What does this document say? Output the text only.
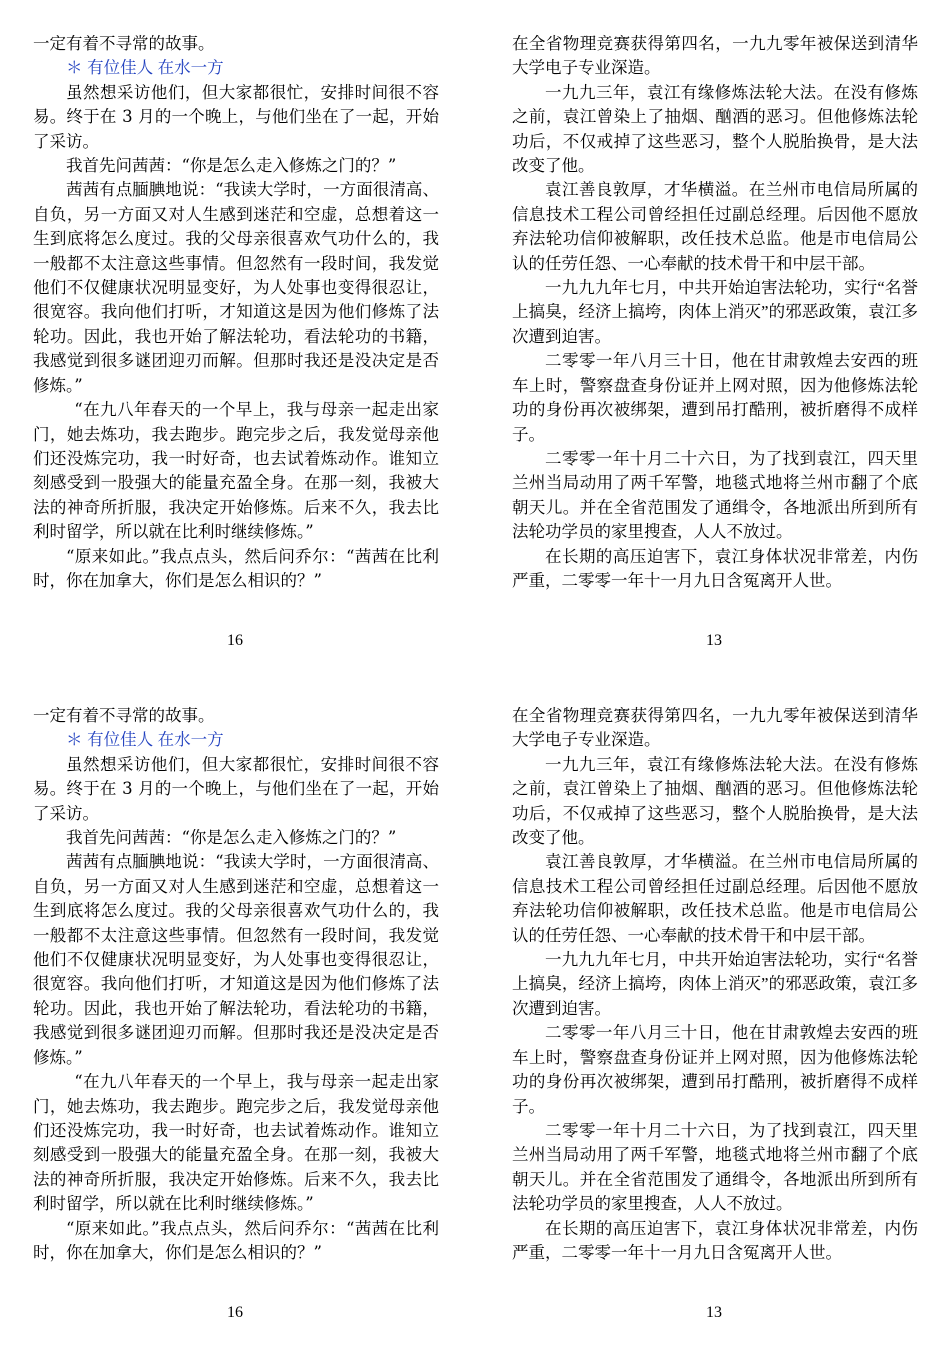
一定有着不寻常的故事。

＊ 有位佳人 在水一方

虽然想采访他们，但大家都很忙，安排时间很不容易。终于在 3 月的一个晚上，与他们坐在了一起，开始了采访。

我首先问茜茜：“你是怎么走入修炼之门的？”

茜茜有点腼腆地说：“我读大学时，一方面很清高、自负，另一方面又对人生感到迷茫和空虚，总想着这一生到底将怎么度过。我的父母亲很喜欢气功什么的，我一般都不太注意这些事情。但忽然有一段时间，我发觉他们不仅健康状况明显变好，为人处事也变得很忍让，很宽容。我向他们打听，才知道这是因为他们修炼了法轮功。因此，我也开始了解法轮功，看法轮功的书籍，我感觉到很多谜团迎刃而解。但那时我还是没决定是否修炼。”

“在九八年春天的一个早上，我与母亲一起走出家门，她去炼功，我去跑步。跑完步之后，我发觉母亲他们还没炼完功，我一时好奇，也去试着炼动作。谁知立刻感受到一股强大的能量充盈全身。在那一刻，我被大法的神奇所折服，我决定开始修炼。后来不久，我去比利时留学，所以就在比利时继续修炼。”

“原来如此。”我点点头，然后问乔尔：“茜茜在比利时，你在加拿大，你们是怎么相识的？”

16

在全省物理竞赛获得第四名，一九九零年被保送到清华大学电子专业深造。

一九九三年，袁江有缘修炼法轮大法。在没有修炼之前，袁江曾染上了抽烟、酗酒的恶习。但他修炼法轮功后，不仅戒掉了这些恶习，整个人脱胎换骨，是大法改变了他。

袁江善良敦厚，才华横溢。在兰州市电信局所属的信息技术工程公司曾经担任过副总经理。后因他不愿放弃法轮功信仰被解职，改任技术总监。他是市电信局公认的任劳任怨、一心奉献的技术骨干和中层干部。

一九九九年七月，中共开始迫害法轮功，实行“名誉上搞臭，经济上搞垮，肉体上消灭”的邪恶政策，袁江多次遭到迫害。

二零零一年八月三十日，他在甘肃敦煌去安西的班车上时，警察盘查身份证并上网对照，因为他修炼法轮功的身份再次被绑架，遭到吊打酷刑，被折磨得不成样子。

二零零一年十月二十六日，为了找到袁江，四天里兰州当局动用了两千军警，地毯式地将兰州市翻了个底朝天儿。并在全省范围发了通缉令，各地派出所到所有法轮功学员的家里搜查，人人不放过。

在长期的高压迫害下，袁江身体状况非常差，内伤严重，二零零一年十一月九日含冤离开人世。

13

一定有着不寻常的故事。

＊ 有位佳人 在水一方

虽然想采访他们，但大家都很忙，安排时间很不容易。终于在 3 月的一个晚上，与他们坐在了一起，开始了采访。

我首先问茜茜：“你是怎么走入修炼之门的？”

茜茜有点腼腆地说：“我读大学时，一方面很清高、自负，另一方面又对人生感到迷茫和空虚，总想着这一生到底将怎么度过。我的父母亲很喜欢气功什么的，我一般都不太注意这些事情。但忽然有一段时间，我发觉他们不仅健康状况明显变好，为人处事也变得很忍让，很宽容。我向他们打听，才知道这是因为他们修炼了法轮功。因此，我也开始了解法轮功，看法轮功的书籍，我感觉到很多谜团迎刃而解。但那时我还是没决定是否修炼。”

“在九八年春天的一个早上，我与母亲一起走出家门，她去炼功，我去跑步。跑完步之后，我发觉母亲他们还没炼完功，我一时好奇，也去试着炼动作。谁知立刻感受到一股强大的能量充盈全身。在那一刻，我被大法的神奇所折服，我决定开始修炼。后来不久，我去比利时留学，所以就在比利时继续修炼。”

“原来如此。”我点点头，然后问乔尔：“茜茜在比利时，你在加拿大，你们是怎么相识的？”

16

在全省物理竞赛获得第四名，一九九零年被保送到清华大学电子专业深造。

一九九三年，袁江有缘修炼法轮大法。在没有修炼之前，袁江曾染上了抽烟、酗酒的恶习。但他修炼法轮功后，不仅戒掉了这些恶习，整个人脱胎换骨，是大法改变了他。

袁江善良敦厚，才华横溢。在兰州市电信局所属的信息技术工程公司曾经担任过副总经理。后因他不愿放弃法轮功信仰被解职，改任技术总监。他是市电信局公认的任劳任怨、一心奉献的技术骨干和中层干部。

一九九九年七月，中共开始迫害法轮功，实行“名誉上搞臭，经济上搞垮，肉体上消灭”的邪恶政策，袁江多次遭到迫害。

二零零一年八月三十日，他在甘肃敦煌去安西的班车上时，警察盘查身份证并上网对照，因为他修炼法轮功的身份再次被绑架，遭到吊打酷刑，被折磨得不成样子。

二零零一年十月二十六日，为了找到袁江，四天里兰州当局动用了两千军警，地毯式地将兰州市翻了个底朝天儿。并在全省范围发了通缉令，各地派出所到所有法轮功学员的家里搜查，人人不放过。

在长期的高压迫害下，袁江身体状况非常差，内伤严重，二零零一年十一月九日含冤离开人世。

13
